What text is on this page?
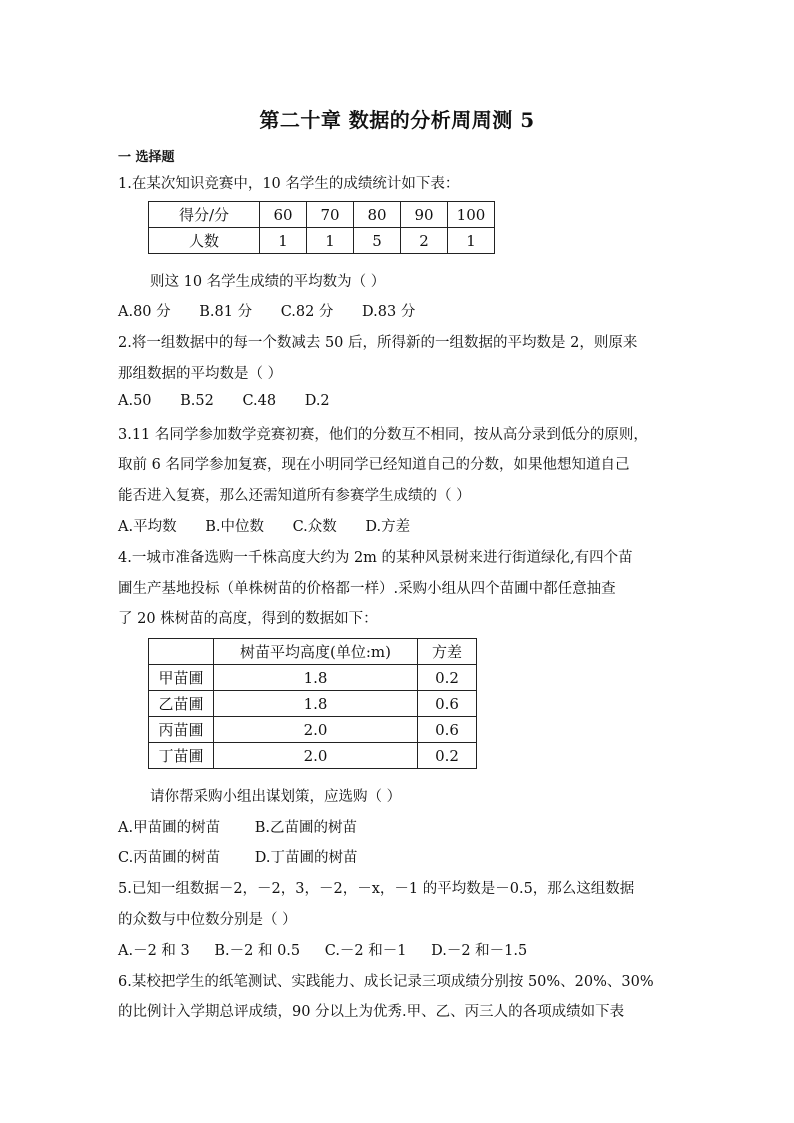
第二十章 数据的分析周周测 5
一 选择题
1.在某次知识竞赛中，10 名学生的成绩统计如下表：
得分/分	60	70	80	90	100
人数	1	1	5	2	1
则这 10 名学生成绩的平均数为（ ）
A.80 分 B.81 分 C.82 分 D.83 分
2.将一组数据中的每一个数减去 50 后，所得新的一组数据的平均数是 2，则原来
那组数据的平均数是（ ）
A.50 B.52 C.48 D.2
3.11 名同学参加数学竞赛初赛，他们的分数互不相同，按从高分录到低分的原则，
取前 6 名同学参加复赛，现在小明同学已经知道自己的分数，如果他想知道自己
能否进入复赛，那么还需知道所有参赛学生成绩的（ ）
A.平均数 B.中位数 C.众数 D.方差
4.一城市准备选购一千株高度大约为 2m 的某种风景树来进行街道绿化,有四个苗
圃生产基地投标（单株树苗的价格都一样）.采购小组从四个苗圃中都任意抽查
了 20 株树苗的高度，得到的数据如下：
	树苗平均高度(单位:m)	方差
甲苗圃	1.8	0.2
乙苗圃	1.8	0.6
丙苗圃	2.0	0.6
丁苗圃	2.0	0.2
请你帮采购小组出谋划策，应选购（ ）
A.甲苗圃的树苗 B.乙苗圃的树苗
C.丙苗圃的树苗 D.丁苗圃的树苗
5.已知一组数据－2，－2，3，－2，－x，－1 的平均数是－0.5，那么这组数据
的众数与中位数分别是（ ）
A.－2 和 3 B.－2 和 0.5 C.－2 和－1 D.－2 和－1.5
6.某校把学生的纸笔测试、实践能力、成长记录三项成绩分别按 50%、20%、30%
的比例计入学期总评成绩，90 分以上为优秀.甲、乙、丙三人的各项成绩如下表
